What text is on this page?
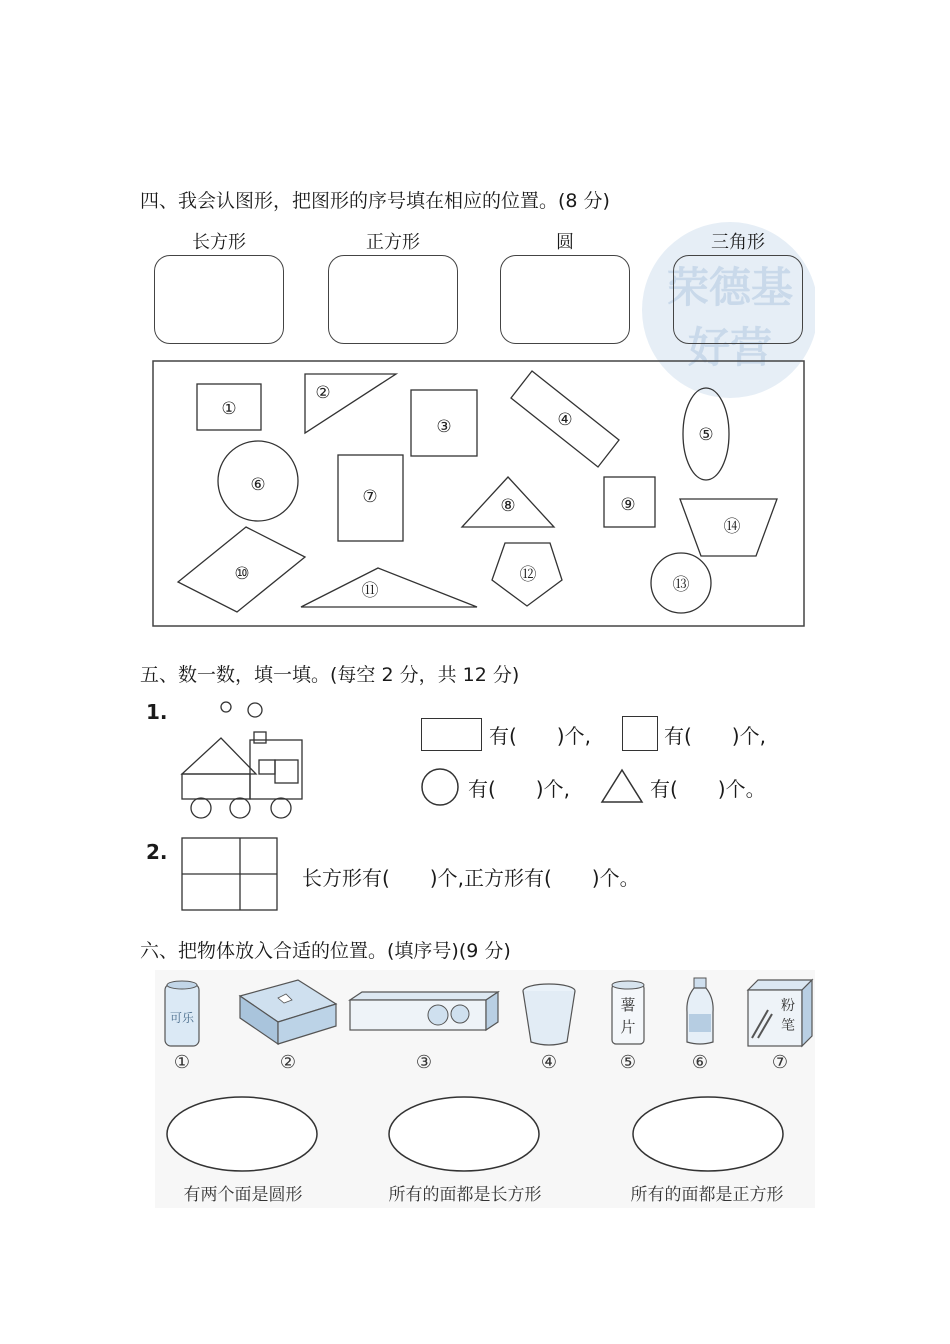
四、我会认图形，把图形的序号填在相应的位置。(8 分)
荣德基
好营
长方形	正方形	圆	三角形
①
②
③	④
⑤
⑥
⑦	⑧	⑨
⑩
⑪
⑫	⑬
⑭
五、数一数，填一填。(每空 2 分，共 12 分)
1.
有(　　)个,	有(　　)个,
有(　　)个,	有(　　)个。
2.
长方形有(　　)个,正方形有(　　)个。
六、把物体放入合适的位置。(填序号)(9 分)
可乐
薯
片
粉
笔
①	②	③	④	⑤	⑥	⑦
有两个面是圆形	所有的面都是长方形	所有的面都是正方形
